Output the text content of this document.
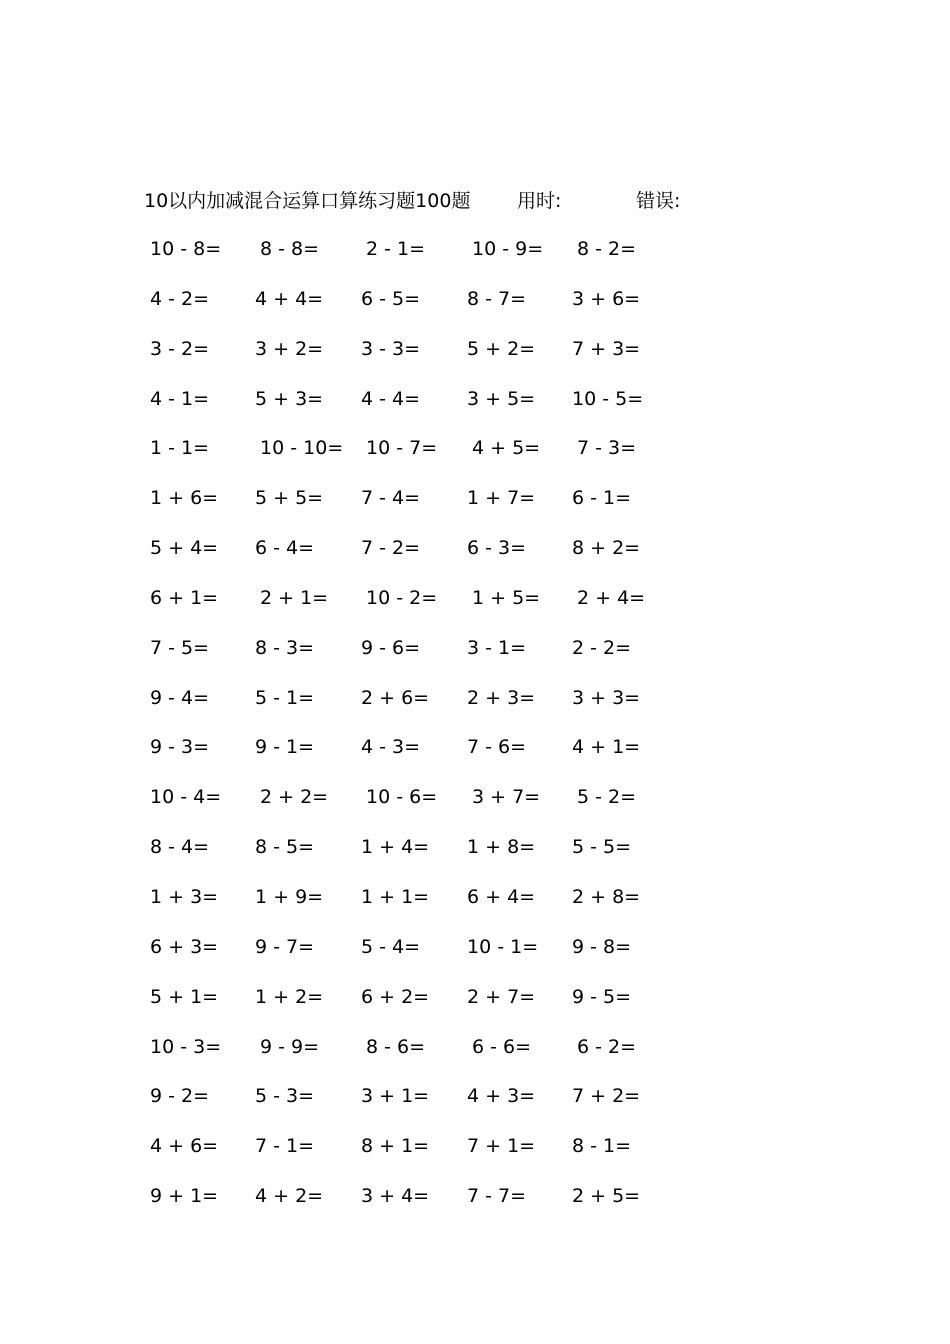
10以内加减混合运算口算练习题100题 用时:	错误:
10 - 8= 8 - 8= 2 - 1= 10 - 9= 8 - 2=
4 - 2= 4 + 4= 6 - 5= 8 - 7= 3 + 6=
3 - 2= 3 + 2= 3 - 3= 5 + 2= 7 + 3=
4 - 1= 5 + 3= 4 - 4= 3 + 5= 10 - 5=
1 - 1=	10 - 10= 10 - 7= 4 + 5= 7 - 3=
1 + 6= 5 + 5= 7 - 4= 1 + 7= 6 - 1=
5 + 4= 6 - 4= 7 - 2= 6 - 3= 8 + 2=
6 + 1= 2 + 1= 10 - 2= 1 + 5= 2 + 4=
7 - 5= 8 - 3= 9 - 6= 3 - 1= 2 - 2=
9 - 4= 5 - 1= 2 + 6= 2 + 3= 3 + 3=
9 - 3= 9 - 1= 4 - 3= 7 - 6= 4 + 1=
10 - 4= 2 + 2= 10 - 6= 3 + 7= 5 - 2=
8 - 4= 8 - 5= 1 + 4= 1 + 8= 5 - 5=
1 + 3= 1 + 9= 1 + 1= 6 + 4= 2 + 8=
6 + 3= 9 - 7= 5 - 4= 10 - 1= 9 - 8=
5 + 1= 1 + 2= 6 + 2= 2 + 7= 9 - 5=
10 - 3= 9 - 9= 8 - 6= 6 - 6= 6 - 2=
9 - 2= 5 - 3= 3 + 1= 4 + 3= 7 + 2=
4 + 6= 7 - 1= 8 + 1= 7 + 1= 8 - 1=
9 + 1= 4 + 2= 3 + 4= 7 - 7= 2 + 5=
